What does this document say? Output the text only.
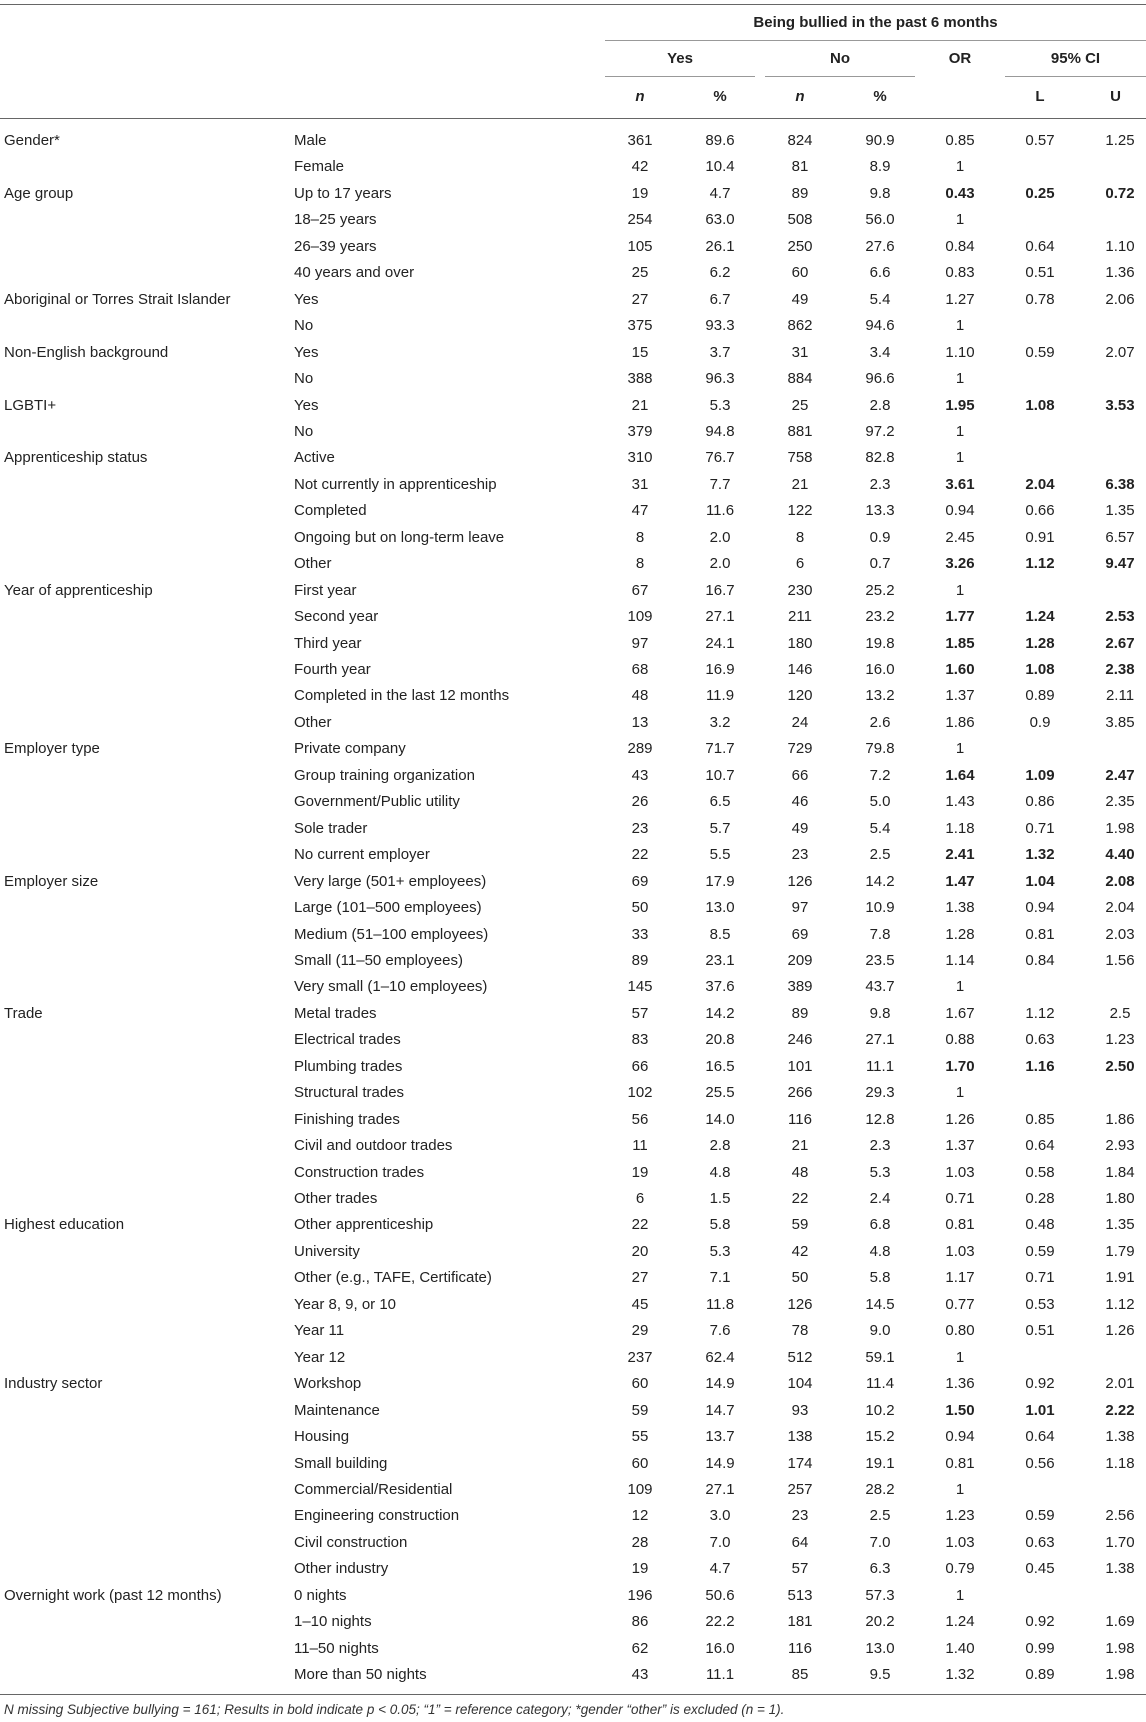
Being bullied in the past 6 months
Yes	No	OR	95% CI
n	%	n	%	L	U
Gender*	Male	361	89.6	824	90.9	0.85	0.57	1.25
Female	42	10.4	81	8.9	1
Age group	Up to 17 years	19	4.7	89	9.8	0.43	0.25	0.72
18–25 years	254	63.0	508	56.0	1
26–39 years	105	26.1	250	27.6	0.84	0.64	1.10
40 years and over	25	6.2	60	6.6	0.83	0.51	1.36
Aboriginal or Torres Strait Islander	Yes	27	6.7	49	5.4	1.27	0.78	2.06
No	375	93.3	862	94.6	1
Non-English background	Yes	15	3.7	31	3.4	1.10	0.59	2.07
No	388	96.3	884	96.6	1
LGBTI+	Yes	21	5.3	25	2.8	1.95	1.08	3.53
No	379	94.8	881	97.2	1
Apprenticeship status	Active	310	76.7	758	82.8	1
Not currently in apprenticeship	31	7.7	21	2.3	3.61	2.04	6.38
Completed	47	11.6	122	13.3	0.94	0.66	1.35
Ongoing but on long-term leave	8	2.0	8	0.9	2.45	0.91	6.57
Other	8	2.0	6	0.7	3.26	1.12	9.47
Year of apprenticeship	First year	67	16.7	230	25.2	1
Second year	109	27.1	211	23.2	1.77	1.24	2.53
Third year	97	24.1	180	19.8	1.85	1.28	2.67
Fourth year	68	16.9	146	16.0	1.60	1.08	2.38
Completed in the last 12 months	48	11.9	120	13.2	1.37	0.89	2.11
Other	13	3.2	24	2.6	1.86	0.9	3.85
Employer type	Private company	289	71.7	729	79.8	1
Group training organization	43	10.7	66	7.2	1.64	1.09	2.47
Government/Public utility	26	6.5	46	5.0	1.43	0.86	2.35
Sole trader	23	5.7	49	5.4	1.18	0.71	1.98
No current employer	22	5.5	23	2.5	2.41	1.32	4.40
Employer size	Very large (501+ employees)	69	17.9	126	14.2	1.47	1.04	2.08
Large (101–500 employees)	50	13.0	97	10.9	1.38	0.94	2.04
Medium (51–100 employees)	33	8.5	69	7.8	1.28	0.81	2.03
Small (11–50 employees)	89	23.1	209	23.5	1.14	0.84	1.56
Very small (1–10 employees)	145	37.6	389	43.7	1
Trade	Metal trades	57	14.2	89	9.8	1.67	1.12	2.5
Electrical trades	83	20.8	246	27.1	0.88	0.63	1.23
Plumbing trades	66	16.5	101	11.1	1.70	1.16	2.50
Structural trades	102	25.5	266	29.3	1
Finishing trades	56	14.0	116	12.8	1.26	0.85	1.86
Civil and outdoor trades	11	2.8	21	2.3	1.37	0.64	2.93
Construction trades	19	4.8	48	5.3	1.03	0.58	1.84
Other trades	6	1.5	22	2.4	0.71	0.28	1.80
Highest education	Other apprenticeship	22	5.8	59	6.8	0.81	0.48	1.35
University	20	5.3	42	4.8	1.03	0.59	1.79
Other (e.g., TAFE, Certificate)	27	7.1	50	5.8	1.17	0.71	1.91
Year 8, 9, or 10	45	11.8	126	14.5	0.77	0.53	1.12
Year 11	29	7.6	78	9.0	0.80	0.51	1.26
Year 12	237	62.4	512	59.1	1
Industry sector	Workshop	60	14.9	104	11.4	1.36	0.92	2.01
Maintenance	59	14.7	93	10.2	1.50	1.01	2.22
Housing	55	13.7	138	15.2	0.94	0.64	1.38
Small building	60	14.9	174	19.1	0.81	0.56	1.18
Commercial/Residential	109	27.1	257	28.2	1
Engineering construction	12	3.0	23	2.5	1.23	0.59	2.56
Civil construction	28	7.0	64	7.0	1.03	0.63	1.70
Other industry	19	4.7	57	6.3	0.79	0.45	1.38
Overnight work (past 12 months)	0 nights	196	50.6	513	57.3	1
1–10 nights	86	22.2	181	20.2	1.24	0.92	1.69
11–50 nights	62	16.0	116	13.0	1.40	0.99	1.98
More than 50 nights	43	11.1	85	9.5	1.32	0.89	1.98
N missing Subjective bullying = 161; Results in bold indicate p < 0.05; “1” = reference category; *gender “other” is excluded (n = 1).
